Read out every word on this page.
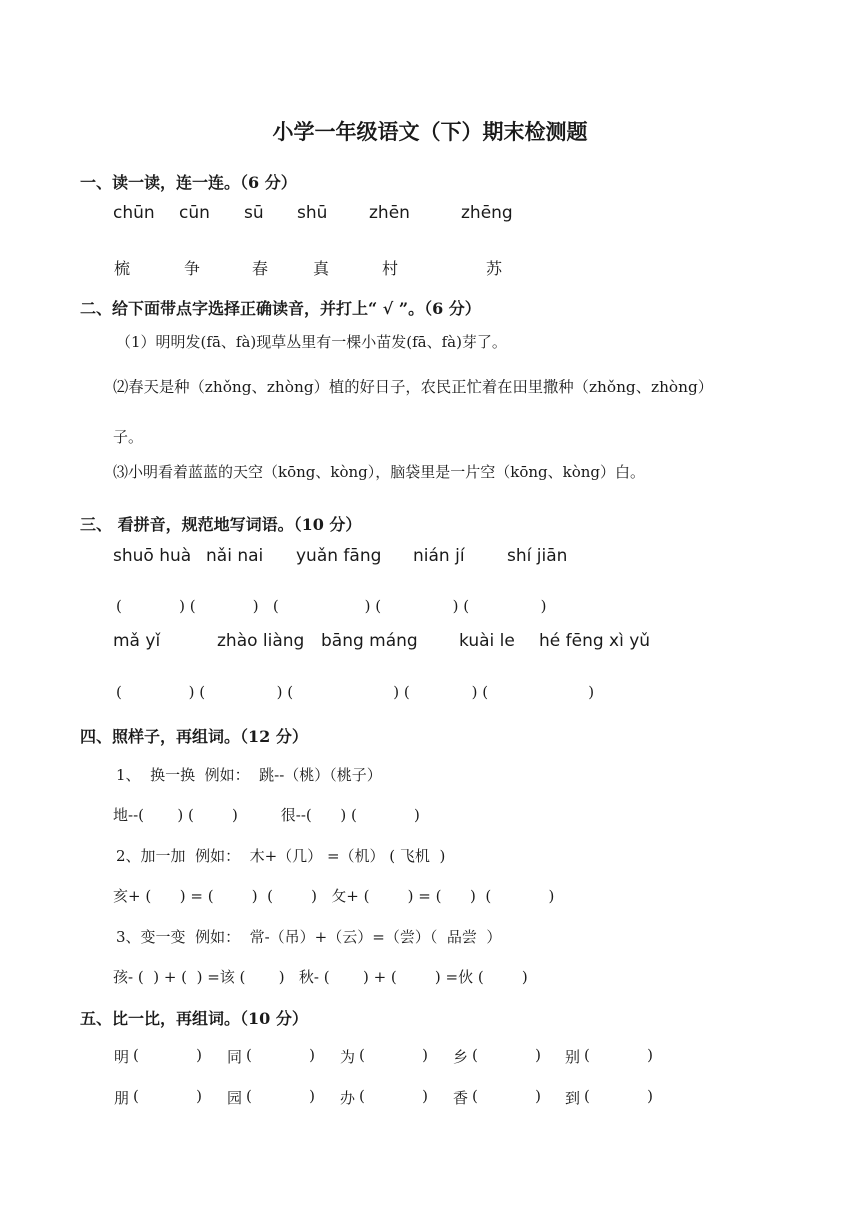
小学一年级语文（下）期末检测题
一、读一读，连一连。（6 分）
chūn cūn sū shū zhēn	zhēng
梳	争	春	真	村	苏
二、给下面带点字选择正确读音，并打上“ √ ”。（6 分）
（1）明明发(fā、fà)现草丛里有一棵小苗发(fā、fà)芽了。
⑵春天是种（zhǒng、zhòng）植的好日子，农民正忙着在田里撒种（zhǒng、zhòng）
子。
⑶小明看着蓝蓝的天空（kōng、kòng），脑袋里是一片空（kōng、kòng）白。
三、 看拼音，规范地写词语。（10 分）
shuō huà nǎi nai yuǎn fāng nián jí shí jiān
(            ) (            )   (                  ) (               ) (               )
mǎ yǐ	zhào liàng bāng máng kuài le hé fēng xì yǔ
(              ) (               ) (                     ) (             ) (                     )
四、照样子，再组词。（12 分）
1、  换一换  例如：  跳--（桃）（桃子）
地--(       ) (        )         很--(      ) (            )
2、加一加  例如：  木+（几） =（机） ( 飞机  )
亥+ (      ) = (        )  (        )   攵+ (        ) = (      )  (            )
3、变一变  例如：  常-（吊）+（云）=（尝）（  品尝  ）
孩- (  ) + (  ) =该 (       )   秋- (       ) + (        ) =伙 (        )
五、比一比，再组词。（10 分）
明 (            ) 同 (            ) 为 (            ) 乡 (            ) 别 (            )
朋 (            ) 园 (            ) 办 (            ) 香 (            ) 到 (            )
